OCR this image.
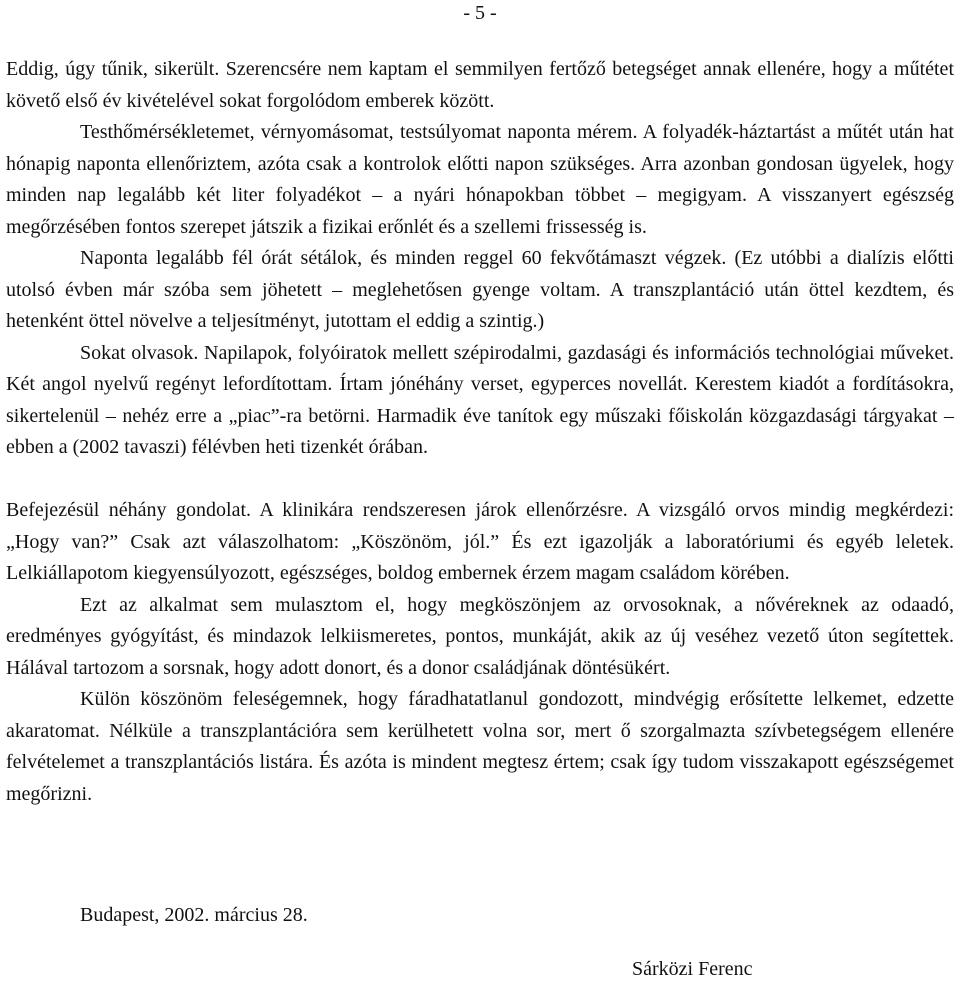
- 5 -

Eddig, úgy tűnik, sikerült. Szerencsére nem kaptam el semmilyen fertőző betegséget annak ellenére, hogy a műtétet követő első év kivételével sokat forgolódom emberek között.

Testhőmérsékletemet, vérnyomásomat, testsúlyomat naponta mérem. A folyadék-háztartást a műtét után hat hónapig naponta ellenőriztem, azóta csak a kontrolok előtti napon szükséges. Arra azonban gondosan ügyelek, hogy minden nap legalább két liter folyadékot – a nyári hónapokban többet – megigyam. A visszanyert egészség megőrzésében fontos szerepet játszik a fizikai erőnlét és a szellemi frissesség is.

Naponta legalább fél órát sétálok, és minden reggel 60 fekvőtámaszt végzek. (Ez utóbbi a dialízis előtti utolsó évben már szóba sem jöhetett – meglehetősen gyenge voltam. A transzplantáció után öttel kezdtem, és hetenként öttel növelve a teljesítményt, jutottam el eddig a szintig.)

Sokat olvasok. Napilapok, folyóiratok mellett szépirodalmi, gazdasági és információs technológiai műveket. Két angol nyelvű regényt lefordítottam. Írtam jónéhány verset, egyperces novellát. Kerestem kiadót a fordításokra, sikertelenül – nehéz erre a „piac”-ra betörni. Harmadik éve tanítok egy műszaki főiskolán közgazdasági tárgyakat – ebben a (2002 tavaszi) félévben heti tizenkét órában.

Befejezésül néhány gondolat. A klinikára rendszeresen járok ellenőrzésre. A vizsgáló orvos mindig megkérdezi: „Hogy van?” Csak azt válaszolhatom: „Köszönöm, jól.” És ezt igazolják a laboratóriumi és egyéb leletek. Lelkiállapotom kiegyensúlyozott, egészséges, boldog embernek érzem magam családom körében.

Ezt az alkalmat sem mulasztom el, hogy megköszönjem az orvosoknak, a nővéreknek az odaadó, eredményes gyógyítást, és mindazok lelkiismeretes, pontos, munkáját, akik az új veséhez vezető úton segítettek. Hálával tartozom a sorsnak, hogy adott donort, és a donor családjának döntésükért.

Külön köszönöm feleségemnek, hogy fáradhatatlanul gondozott, mindvégig erősítette lelkemet, edzette akaratomat. Nélküle a transzplantációra sem kerülhetett volna sor, mert ő szorgalmazta szívbetegségem ellenére felvételemet a transzplantációs listára. És azóta is mindent megtesz értem; csak így tudom visszakapott egészségemet megőrizni.

Budapest, 2002. március 28.
Sárközi Ferenc
